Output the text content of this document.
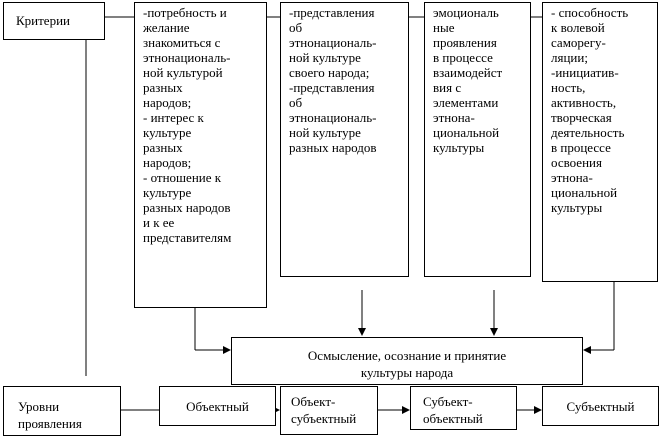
Критерии
-потребность и
желание
знакомиться с
этнонациональ-
ной культурой
разных
народов;
- интерес к
культуре
разных
народов;
- отношение к
культуре
разных народов
и к ее
представителям
-представления
об
этнонациональ-
ной культуре
своего народа;
-представления
об
этнонациональ-
ной культуре
разных народов
эмоциональ
ные
проявления
в процессе
взаимодейст
вия с
элементами
этнона-
циональной
культуры
- способность
к волевой
саморегу-
ляции;
-инициатив-
ность,
активность,
творческая
деятельность
в процессе
освоения
этнона-
циональной
культуры
Осмысление, осознание и принятие
культуры народа
Уровни
проявления
Объектный	Объект-
субъектный
Субъект-
объектный
Субъектный
